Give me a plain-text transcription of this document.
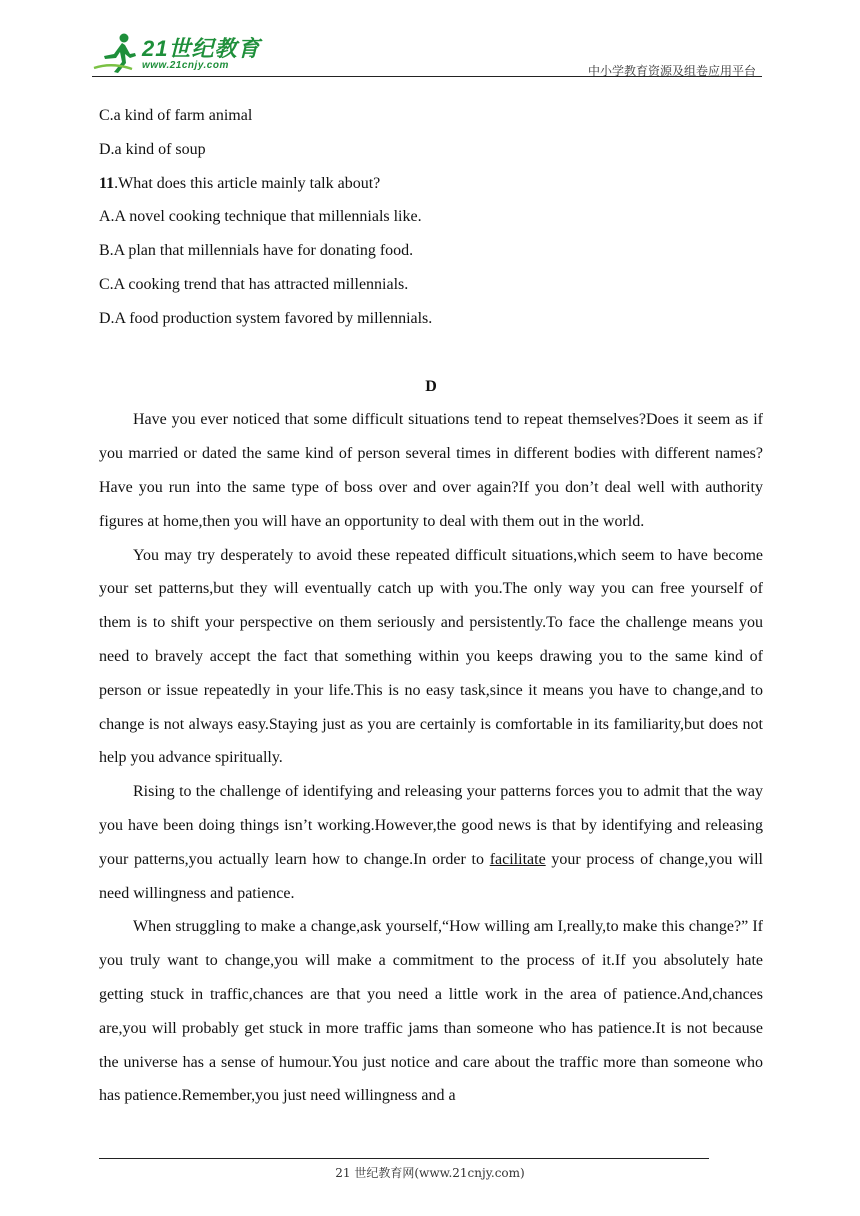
21世纪教育
www.21cnjy.com	中小学教育资源及组卷应用平台

C.a kind of farm animal

D.a kind of soup

11.What does this article mainly talk about?

A.A novel cooking technique that millennials like.

B.A plan that millennials have for donating food.

C.A cooking trend that has attracted millennials.

D.A food production system favored by millennials.

D

Have you ever noticed that some difficult situations tend to repeat themselves?Does it seem as if you married or dated the same kind of person several times in different bodies with different names?Have you run into the same type of boss over and over again?If you don’t deal well with authority figures at home,then you will have an opportunity to deal with them out in the world.

You may try desperately to avoid these repeated difficult situations,which seem to have become your set patterns,but they will eventually catch up with you.The only way you can free yourself of them is to shift your perspective on them seriously and persistently.To face the challenge means you need to bravely accept the fact that something within you keeps drawing you to the same kind of person or issue repeatedly in your life.This is no easy task,since it means you have to change,and to change is not always easy.Staying just as you are certainly is comfortable in its familiarity,but does not help you advance spiritually.

Rising to the challenge of identifying and releasing your patterns forces you to admit that the way you have been doing things isn’t working.However,the good news is that by identifying and releasing your patterns,you actually learn how to change.In order to facilitate your process of change,you will need willingness and patience.

When struggling to make a change,ask yourself,“How willing am I,really,to make this change?” If you truly want to change,you will make a commitment to the process of it.If you absolutely hate getting stuck in traffic,chances are that you need a little work in the area of patience.And,chances are,you will probably get stuck in more traffic jams than someone who has patience.It is not because the universe has a sense of humour.You just notice and care about the traffic more than someone who has patience.Remember,you just need willingness and a

21 世纪教育网(www.21cnjy.com)
